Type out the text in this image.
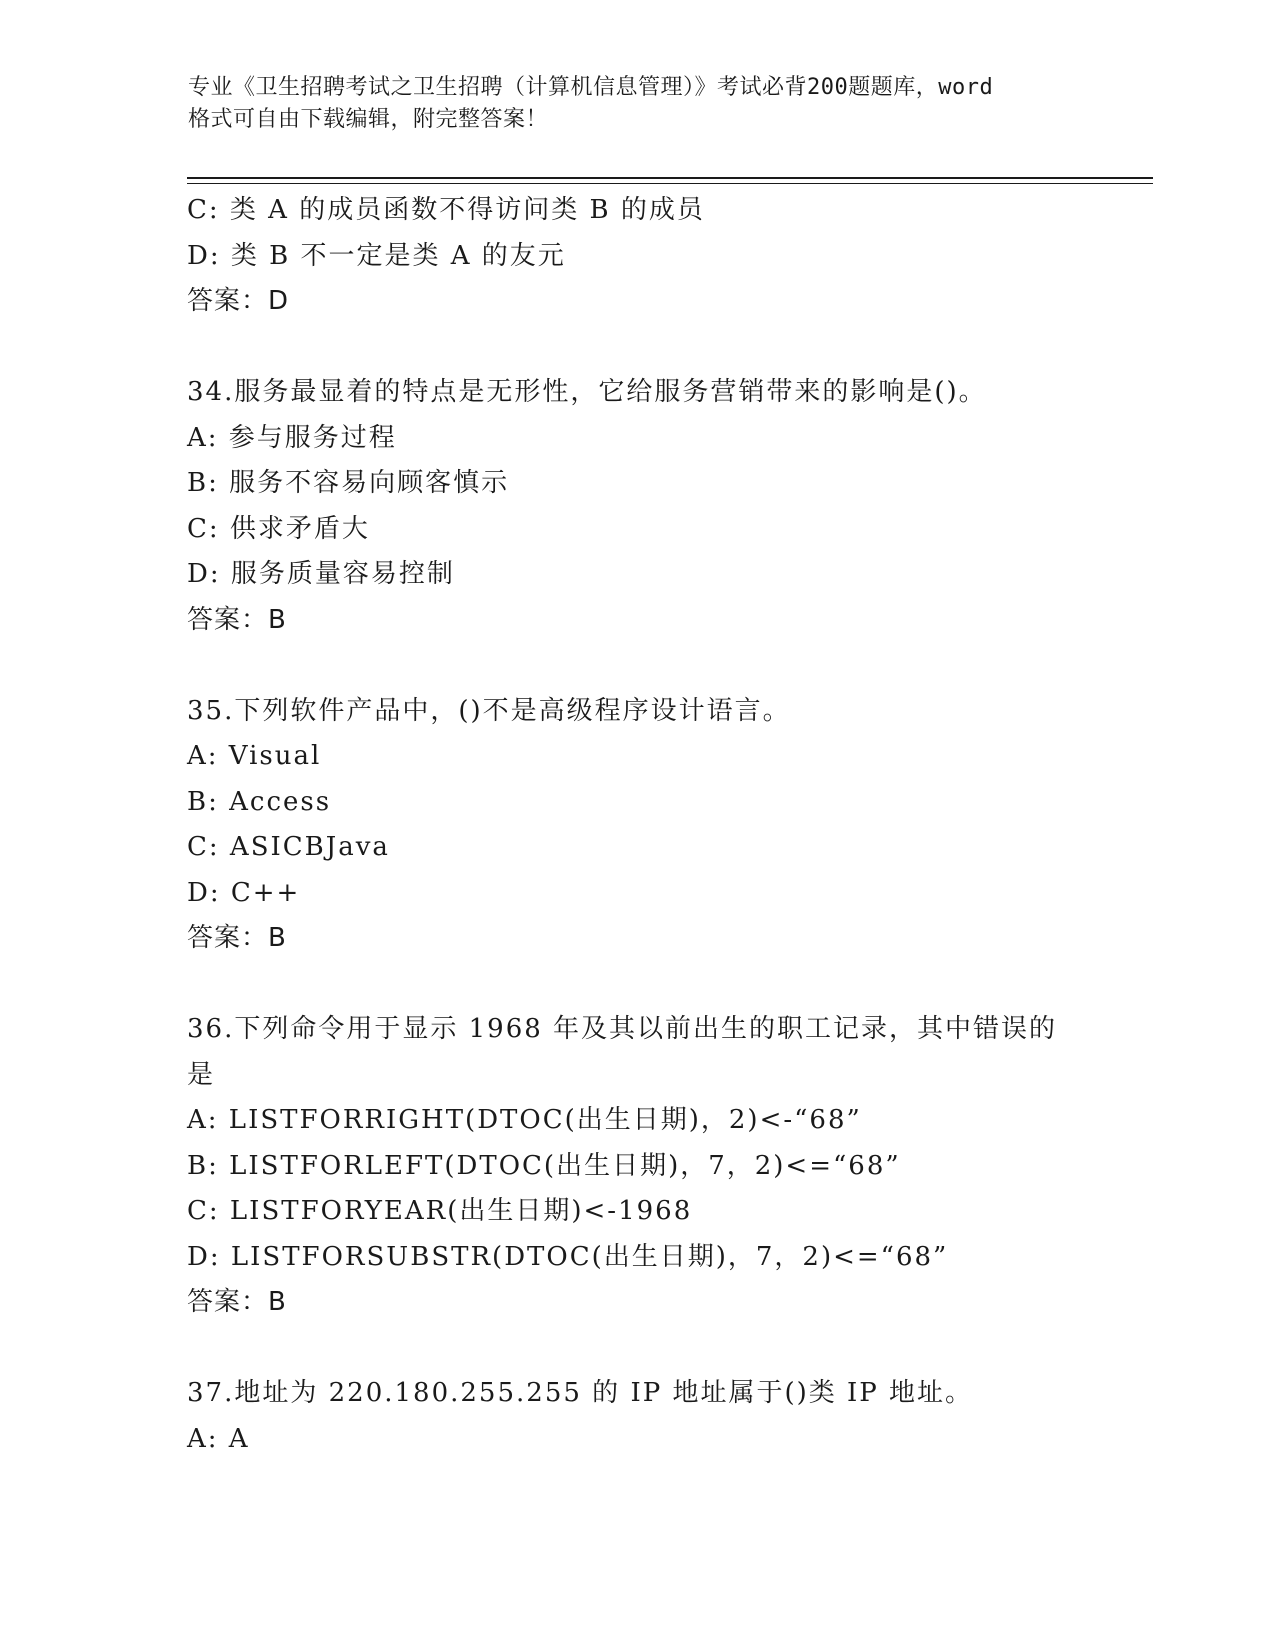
专业《卫生招聘考试之卫生招聘（计算机信息管理）》考试必背200题题库，word
格式可自由下载编辑，附完整答案！
C: 类 A 的成员函数不得访问类 B 的成员
D: 类 B 不一定是类 A 的友元
答案：D
34.服务最显着的特点是无形性，它给服务营销带来的影响是()。
A: 参与服务过程
B: 服务不容易向顾客慎示
C: 供求矛盾大
D: 服务质量容易控制
答案：B
35.下列软件产品中，()不是高级程序设计语言。
A: Visual
B: Access
C: ASICBJava
D: C++
答案：B
36.下列命令用于显示 1968 年及其以前出生的职工记录，其中错误的
是
A: LISTFORRIGHT(DTOC(出生日期)，2)<-“68”
B: LISTFORLEFT(DTOC(出生日期)，7，2)<=“68”
C: LISTFORYEAR(出生日期)<-1968
D: LISTFORSUBSTR(DTOC(出生日期)，7，2)<=“68”
答案：B
37.地址为 220.180.255.255 的 IP 地址属于()类 IP 地址。
A: A
